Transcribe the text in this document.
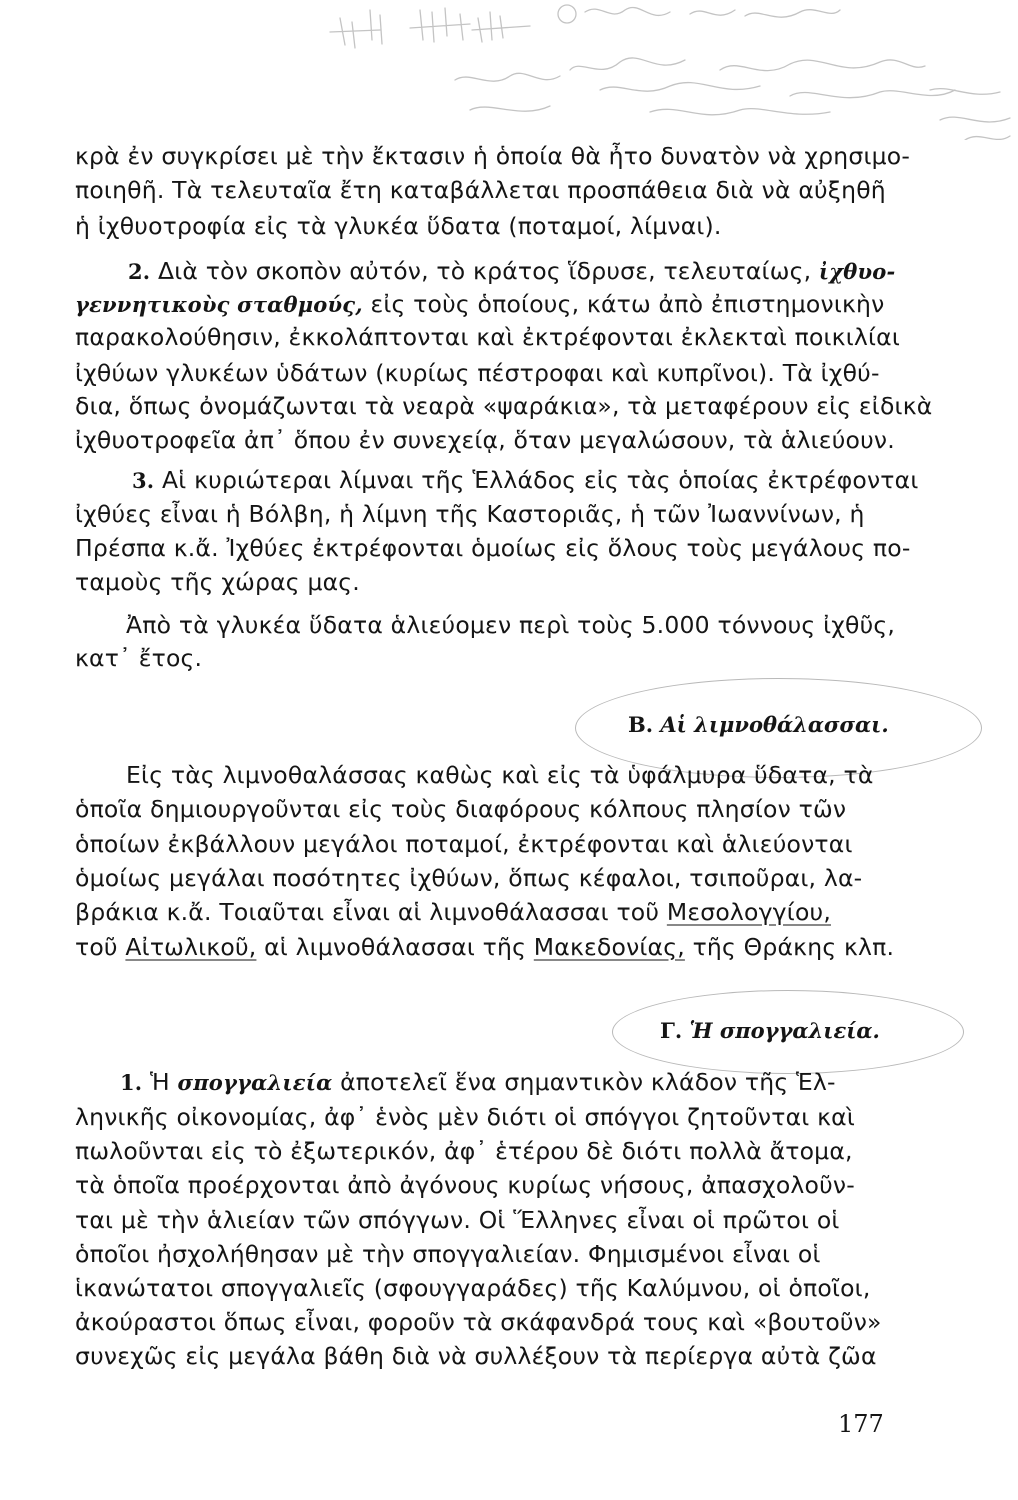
κρὰ ἐν συγκρίσει μὲ τὴν ἔκτασιν ἡ ὁποία θὰ ἦτο δυνατὸν νὰ χρησιμο-
ποιηθῆ. Τὰ τελευταῖα ἔτη καταβάλλεται προσπάθεια διὰ νὰ αὐξηθῆ
ἡ ἰχθυοτροφία εἰς τὰ γλυκέα ὕδατα (ποταμοί, λίμναι).
2. Διὰ τὸν σκοπὸν αὐτόν, τὸ κράτος ἵδρυσε, τελευταίως, ἰχθυο-
γεννητικοὺς σταθμούς, εἰς τοὺς ὁποίους, κάτω ἀπὸ ἐπιστημονικὴν
παρακολούθησιν, ἐκκολάπτονται καὶ ἐκτρέφονται ἐκλεκταὶ ποικιλίαι
ἰχθύων γλυκέων ὑδάτων (κυρίως πέστροφαι καὶ κυπρῖνοι). Τὰ ἰχθύ-
δια, ὅπως ὀνομάζωνται τὰ νεαρὰ «ψαράκια», τὰ μεταφέρουν εἰς εἰδικὰ
ἰχθυοτροφεῖα ἀπ᾽ ὅπου ἐν συνεχείᾳ, ὅταν μεγαλώσουν, τὰ ἁλιεύουν.
3. Αἱ κυριώτεραι λίμναι τῆς Ἑλλάδος εἰς τὰς ὁποίας ἐκτρέφονται
ἰχθύες εἶναι ἡ Βόλβη, ἡ λίμνη τῆς Καστοριᾶς, ἡ τῶν Ἰωαννίνων, ἡ
Πρέσπα κ.ἄ. Ἰχθύες ἐκτρέφονται ὁμοίως εἰς ὅλους τοὺς μεγάλους πο-
ταμοὺς τῆς χώρας μας.
Ἀπὸ τὰ γλυκέα ὕδατα ἁλιεύομεν περὶ τοὺς 5.000 τόννους ἰχθῦς,
κατ᾽ ἔτος.
Β. Αἱ λιμνοθάλασσαι.
Εἰς τὰς λιμνοθαλάσσας καθὼς καὶ εἰς τὰ ὑφάλμυρα ὕδατα, τὰ
ὁποῖα δημιουργοῦνται εἰς τοὺς διαφόρους κόλπους πλησίον τῶν
ὁποίων ἐκβάλλουν μεγάλοι ποταμοί, ἐκτρέφονται καὶ ἁλιεύονται
ὁμοίως μεγάλαι ποσότητες ἰχθύων, ὅπως κέφαλοι, τσιποῦραι, λα-
βράκια κ.ἄ. Τοιαῦται εἶναι αἱ λιμνοθάλασσαι τοῦ Μεσολογγίου,
τοῦ Αἰτωλικοῦ, αἱ λιμνοθάλασσαι τῆς Μακεδονίας, τῆς Θράκης κλπ.
Γ. Ἡ σπογγαλιεία.
1. Ἡ σπογγαλιεία ἀποτελεῖ ἕνα σημαντικὸν κλάδον τῆς Ἑλ-
ληνικῆς οἰκονομίας, ἀφ᾽ ἑνὸς μὲν διότι οἱ σπόγγοι ζητοῦνται καὶ
πωλοῦνται εἰς τὸ ἐξωτερικόν, ἀφ᾽ ἑτέρου δὲ διότι πολλὰ ἄτομα,
τὰ ὁποῖα προέρχονται ἀπὸ ἀγόνους κυρίως νήσους, ἀπασχολοῦν-
ται μὲ τὴν ἁλιείαν τῶν σπόγγων. Οἱ Ἕλληνες εἶναι οἱ πρῶτοι οἱ
ὁποῖοι ἠσχολήθησαν μὲ τὴν σπογγαλιείαν. Φημισμένοι εἶναι οἱ
ἱκανώτατοι σπογγαλιεῖς (σφουγγαράδες) τῆς Καλύμνου, οἱ ὁποῖοι,
ἀκούραστοι ὅπως εἶναι, φοροῦν τὰ σκάφανδρά τους καὶ «βουτοῦν»
συνεχῶς εἰς μεγάλα βάθη διὰ νὰ συλλέξουν τὰ περίεργα αὐτὰ ζῶα
177
